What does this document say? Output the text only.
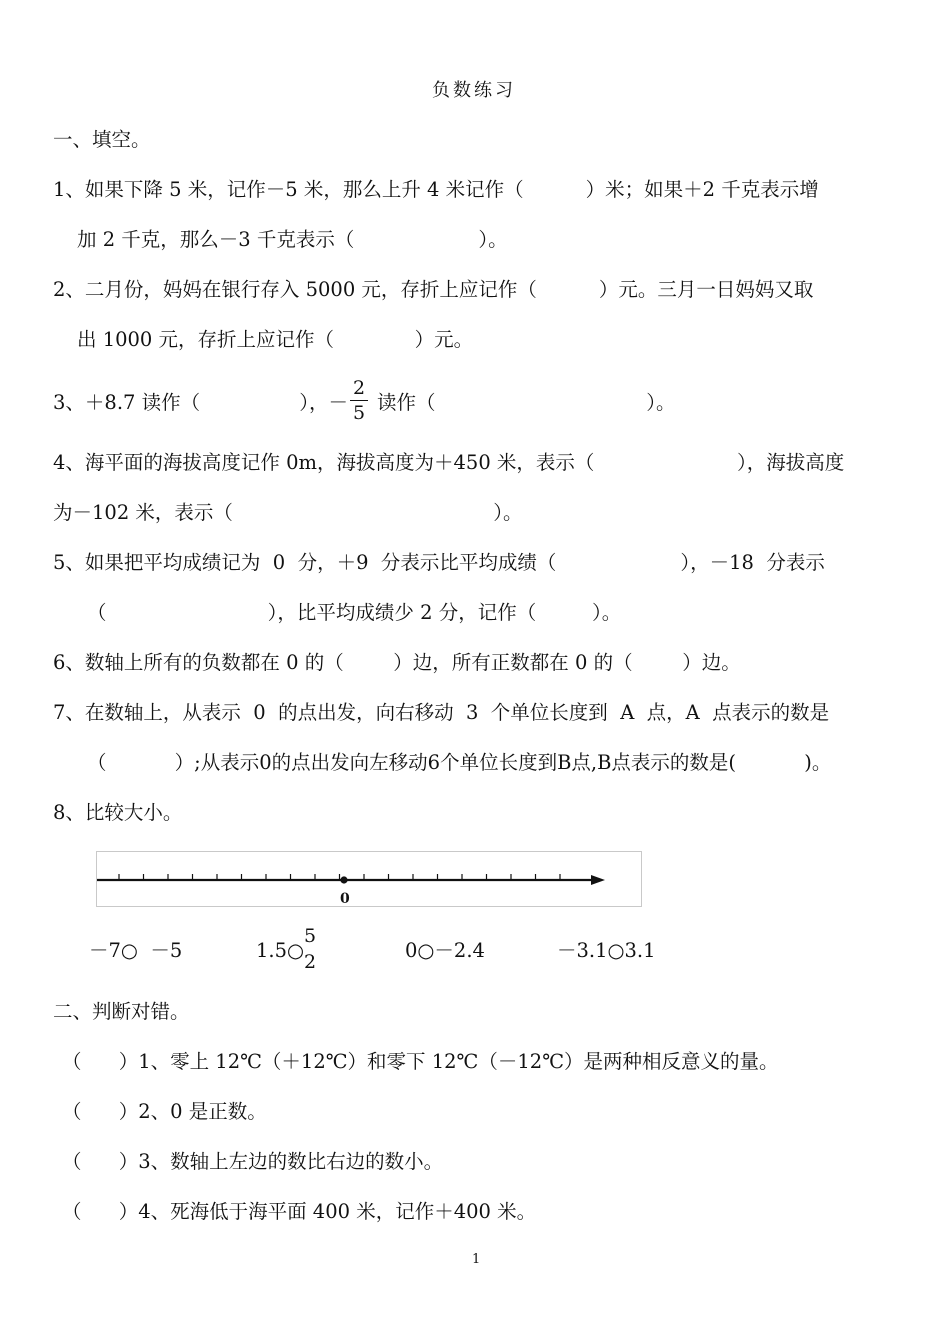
负数练习
一、填空。
1、如果下降 5 米，记作－5 米，那么上升 4 米记作（          ）米；如果＋2 千克表示增
加 2 千克，那么－3 千克表示（                    ）。
2、二月份，妈妈在银行存入 5000 元，存折上应记作（          ）元。三月一日妈妈又取
出 1000 元，存折上应记作（             ）元。
3、＋8.7 读作（                ），－
2
5 读作（                                  ）。
4、海平面的海拔高度记作 0m，海拔高度为＋450 米，表示（                       ），海拔高度
为－102 米，表示（                                          ）。
5、如果把平均成绩记为  0  分，＋9  分表示比平均成绩（                    ），－18  分表示
（                          ），比平均成绩少 2 分，记作（         ）。
6、数轴上所有的负数都在 0 的（        ）边，所有正数都在 0 的（        ）边。
7、在数轴上，从表示  0  的点出发，向右移动  3  个单位长度到  A  点，A  点表示的数是
（           ）;从表示0的点出发向左移动6个单位长度到B点,B点表示的数是(           )。
8、比较大小。
0
－7○  －5	1.5○
5
2	0○－2.4	－3.1○3.1
二、判断对错。
（      ）1、零上 12℃（＋12℃）和零下 12℃（－12℃）是两种相反意义的量。
（      ）2、0 是正数。
（      ）3、数轴上左边的数比右边的数小。
（      ）4、死海低于海平面 400 米，记作＋400 米。
1
